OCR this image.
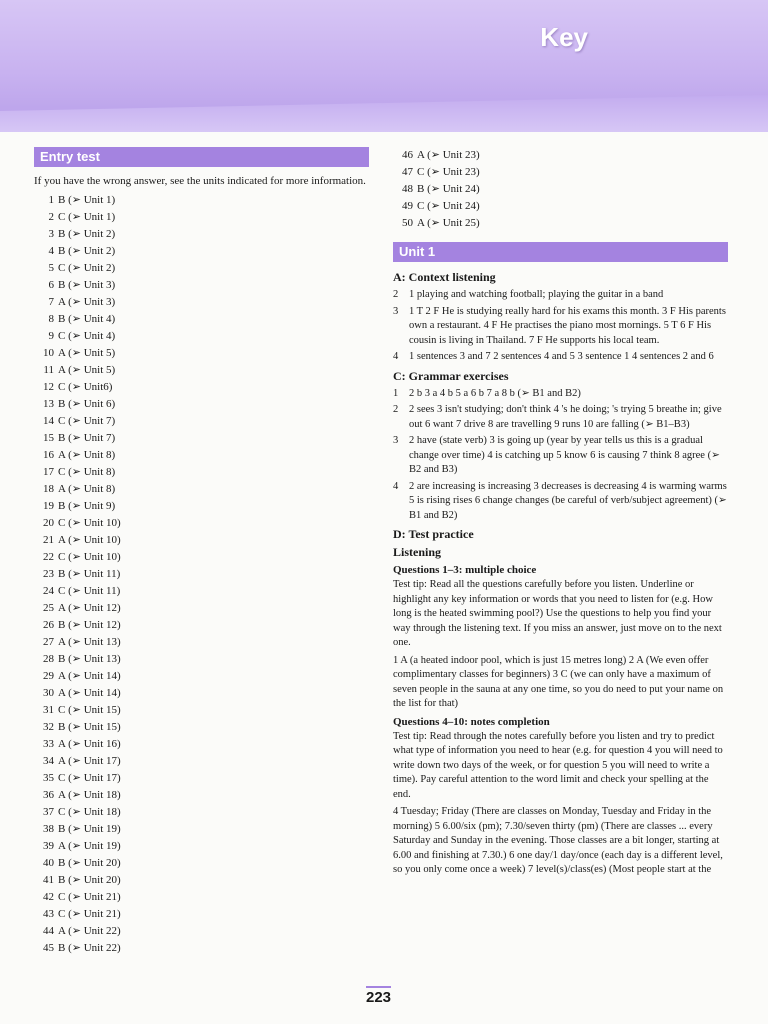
Key
Entry test
If you have the wrong answer, see the units indicated for more information.
1 B (➢ Unit 1)
2 C (➢ Unit 1)
3 B (➢ Unit 2)
4 B (➢ Unit 2)
5 C (➢ Unit 2)
6 B (➢ Unit 3)
7 A (➢ Unit 3)
8 B (➢ Unit 4)
9 C (➢ Unit 4)
10 A (➢ Unit 5)
11 A (➢ Unit 5)
12 C (➢ Unit6)
13 B (➢ Unit 6)
14 C (➢ Unit 7)
15 B (➢ Unit 7)
16 A (➢ Unit 8)
17 C (➢ Unit 8)
18 A (➢ Unit 8)
19 B (➢ Unit 9)
20 C (➢ Unit 10)
21 A (➢ Unit 10)
22 C (➢ Unit 10)
23 B (➢ Unit 11)
24 C (➢ Unit 11)
25 A (➢ Unit 12)
26 B (➢ Unit 12)
27 A (➢ Unit 13)
28 B (➢ Unit 13)
29 A (➢ Unit 14)
30 A (➢ Unit 14)
31 C (➢ Unit 15)
32 B (➢ Unit 15)
33 A (➢ Unit 16)
34 A (➢ Unit 17)
35 C (➢ Unit 17)
36 A (➢ Unit 18)
37 C (➢ Unit 18)
38 B (➢ Unit 19)
39 A (➢ Unit 19)
40 B (➢ Unit 20)
41 B (➢ Unit 20)
42 C (➢ Unit 21)
43 C (➢ Unit 21)
44 A (➢ Unit 22)
45 B (➢ Unit 22)
46 A (➢ Unit 23)
47 C (➢ Unit 23)
48 B (➢ Unit 24)
49 C (➢ Unit 24)
50 A (➢ Unit 25)
Unit 1
A: Context listening
2 1 playing and watching football; playing the guitar in a band
3 1 T 2 F He is studying really hard for his exams this month. 3 F His parents own a restaurant. 4 F He practises the piano most mornings. 5 T 6 F His cousin is living in Thailand. 7 F He supports his local team.
4 1 sentences 3 and 7 2 sentences 4 and 5 3 sentence 1 4 sentences 2 and 6
C: Grammar exercises
1 2 b 3 a 4 b 5 a 6 b 7 a 8 b (➢ B1 and B2)
2 2 sees 3 isn't studying; don't think 4 's he doing; 's trying 5 breathe in; give out 6 want 7 drive 8 are travelling 9 runs 10 are falling (➢ B1–B3)
3 2 have (state verb) 3 is going up (year by year tells us this is a gradual change over time) 4 is catching up 5 know 6 is causing 7 think 8 agree (➢ B2 and B3)
4 2 are increasing is increasing 3 decreases is decreasing 4 is warming warms 5 is rising rises 6 change changes (be careful of verb/subject agreement) (➢ B1 and B2)
D: Test practice
Listening
Questions 1–3: multiple choice
Test tip: Read all the questions carefully before you listen. Underline or highlight any key information or words that you need to listen for (e.g. How long is the heated swimming pool?) Use the questions to help you find your way through the listening text. If you miss an answer, just move on to the next one.
1 A (a heated indoor pool, which is just 15 metres long) 2 A (We even offer complimentary classes for beginners) 3 C (we can only have a maximum of seven people in the sauna at any one time, so you do need to put your name on the list for that)
Questions 4–10: notes completion
Test tip: Read through the notes carefully before you listen and try to predict what type of information you need to hear (e.g. for question 4 you will need to write down two days of the week, or for question 5 you will need to write a time). Pay careful attention to the word limit and check your spelling at the end.
4 Tuesday; Friday (There are classes on Monday, Tuesday and Friday in the morning) 5 6.00/six (pm); 7.30/seven thirty (pm) (There are classes ... every Saturday and Sunday in the evening. Those classes are a bit longer, starting at 6.00 and finishing at 7.30.) 6 one day/1 day/once (each day is a different level, so you only come once a week) 7 level(s)/class(es) (Most people start at the
223
